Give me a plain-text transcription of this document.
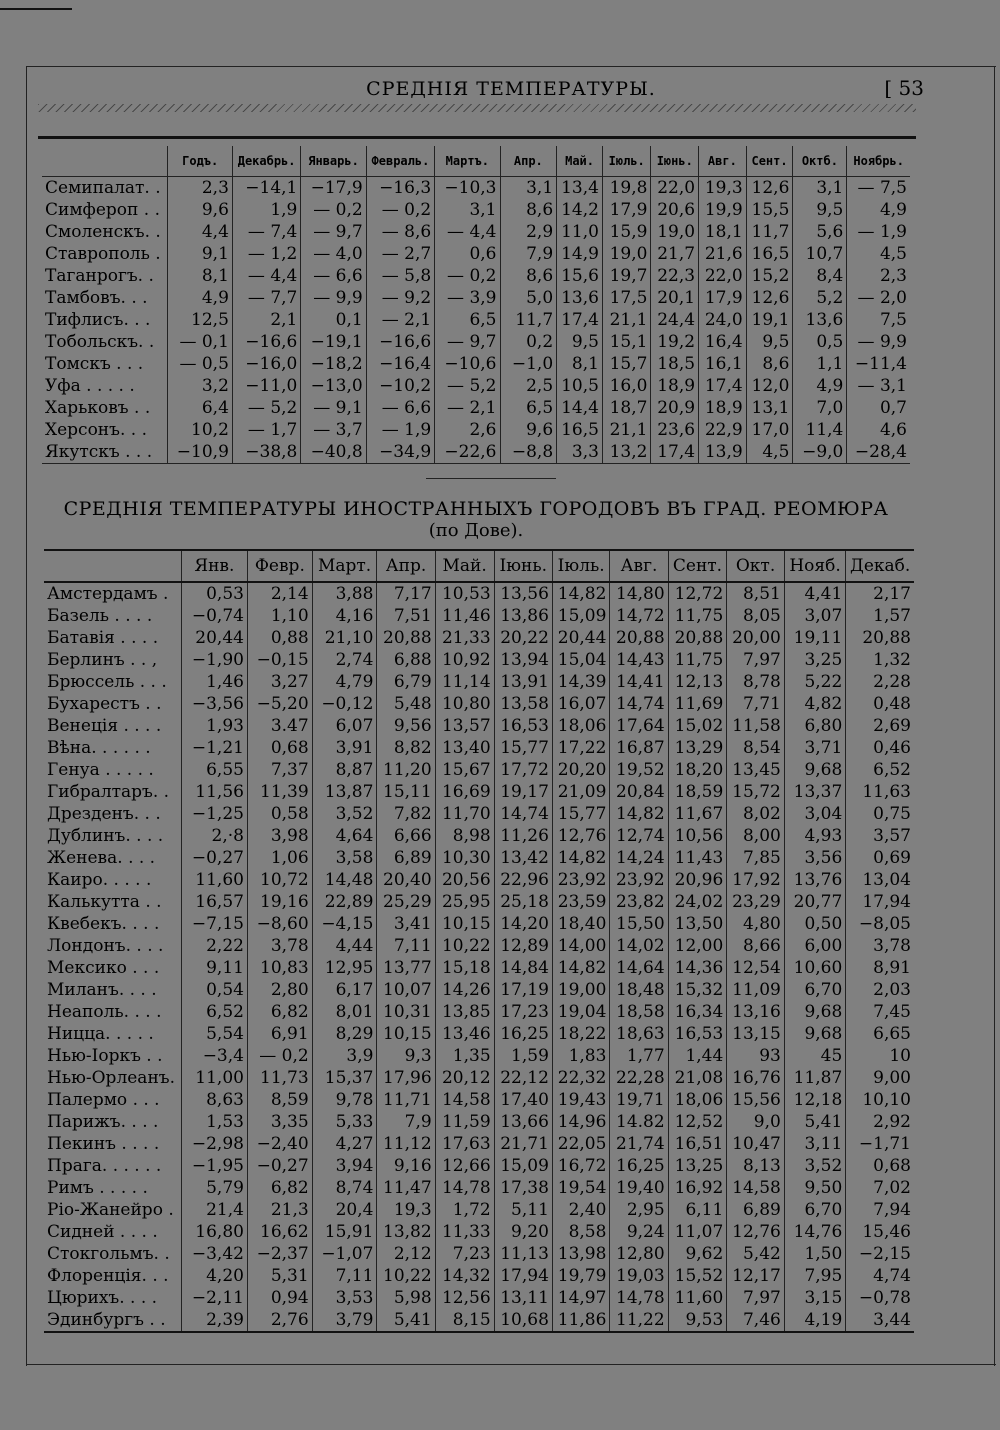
СРЕДНІЯ ТЕМПЕРАТУРЫ.	[ 53
	Годъ.	Декабрь.	Январь.	Февраль.	Мартъ.	Апр.	Май.	Іюль.	Іюнь.	Авг.	Сент.	Октб.	Ноябрь.
Семипалат. .	2,3	−14,1	−17,9	−16,3	−10,3	3,1	13,4	19,8	22,0	19,3	12,6	3,1	— 7,5
Симфероп . .	9,6	1,9	— 0,2	— 0,2	3,1	8,6	14,2	17,9	20,6	19,9	15,5	9,5	4,9
Смоленскъ. .	4,4	— 7,4	— 9,7	— 8,6	— 4,4	2,9	11,0	15,9	19,0	18,1	11,7	5,6	— 1,9
Ставрополь .	9,1	— 1,2	— 4,0	— 2,7	0,6	7,9	14,9	19,0	21,7	21,6	16,5	10,7	4,5
Таганрогъ. .	8,1	— 4,4	— 6,6	— 5,8	— 0,2	8,6	15,6	19,7	22,3	22,0	15,2	8,4	2,3
Тамбовъ. . .	4,9	— 7,7	— 9,9	— 9,2	— 3,9	5,0	13,6	17,5	20,1	17,9	12,6	5,2	— 2,0
Тифлисъ. . .	12,5	2,1	0,1	— 2,1	6,5	11,7	17,4	21,1	24,4	24,0	19,1	13,6	7,5
Тобольскъ. .	— 0,1	−16,6	−19,1	−16,6	— 9,7	0,2	9,5	15,1	19,2	16,4	9,5	0,5	— 9,9
Томскъ . . .	— 0,5	−16,0	−18,2	−16,4	−10,6	−1,0	8,1	15,7	18,5	16,1	8,6	1,1	−11,4
Уфа . . . . .	3,2	−11,0	−13,0	−10,2	— 5,2	2,5	10,5	16,0	18,9	17,4	12,0	4,9	— 3,1
Харьковъ . .	6,4	— 5,2	— 9,1	— 6,6	— 2,1	6,5	14,4	18,7	20,9	18,9	13,1	7,0	0,7
Херсонъ. . .	10,2	— 1,7	— 3,7	— 1,9	2,6	9,6	16,5	21,1	23,6	22,9	17,0	11,4	4,6
Якутскъ . . .	−10,9	−38,8	−40,8	−34,9	−22,6	−8,8	3,3	13,2	17,4	13,9	4,5	−9,0	−28,4
СРЕДНІЯ ТЕМПЕРАТУРЫ ИНОСТРАННЫХЪ ГОРОДОВЪ ВЪ ГРАД. РЕОМЮРА
(по Дове).
	Янв.	Февр.	Март.	Апр.	Май.	Іюнь.	Іюль.	Авг.	Сент.	Окт.	Нояб.	Декаб.
Амстердамъ .	0,53	2,14	3,88	7,17	10,53	13,56	14,82	14,80	12,72	8,51	4,41	2,17
Базель . . . .	−0,74	1,10	4,16	7,51	11,46	13,86	15,09	14,72	11,75	8,05	3,07	1,57
Батавія . . . .	20,44	0,88	21,10	20,88	21,33	20,22	20,44	20,88	20,88	20,00	19,11	20,88
Берлинъ . . ,	−1,90	−0,15	2,74	6,88	10,92	13,94	15,04	14,43	11,75	7,97	3,25	1,32
Брюссель . . .	1,46	3,27	4,79	6,79	11,14	13,91	14,39	14,41	12,13	8,78	5,22	2,28
Бухарестъ . .	−3,56	−5,20	−0,12	5,48	10,80	13,58	16,07	14,74	11,69	7,71	4,82	0,48
Венеція . . . .	1,93	3.47	6,07	9,56	13,57	16,53	18,06	17,64	15,02	11,58	6,80	2,69
Вѣна. . . . . .	−1,21	0,68	3,91	8,82	13,40	15,77	17,22	16,87	13,29	8,54	3,71	0,46
Генуа . . . . .	6,55	7,37	8,87	11,20	15,67	17,72	20,20	19,52	18,20	13,45	9,68	6,52
Гибралтаръ. .	11,56	11,39	13,87	15,11	16,69	19,17	21,09	20,84	18,59	15,72	13,37	11,63
Дрезденъ. . .	−1,25	0,58	3,52	7,82	11,70	14,74	15,77	14,82	11,67	8,02	3,04	0,75
Дублинъ. . . .	2,·8	3,98	4,64	6,66	8,98	11,26	12,76	12,74	10,56	8,00	4,93	3,57
Женева. . . .	−0,27	1,06	3,58	6,89	10,30	13,42	14,82	14,24	11,43	7,85	3,56	0,69
Каиро. . . . .	11,60	10,72	14,48	20,40	20,56	22,96	23,92	23,92	20,96	17,92	13,76	13,04
Калькутта . .	16,57	19,16	22,89	25,29	25,95	25,18	23,59	23,82	24,02	23,29	20,77	17,94
Квебекъ. . . .	−7,15	−8,60	−4,15	3,41	10,15	14,20	18,40	15,50	13,50	4,80	0,50	−8,05
Лондонъ. . . .	2,22	3,78	4,44	7,11	10,22	12,89	14,00	14,02	12,00	8,66	6,00	3,78
Мексико . . .	9,11	10,83	12,95	13,77	15,18	14,84	14,82	14,64	14,36	12,54	10,60	8,91
Миланъ. . . .	0,54	2,80	6,17	10,07	14,26	17,19	19,00	18,48	15,32	11,09	6,70	2,03
Неаполь. . . .	6,52	6,82	8,01	10,31	13,85	17,23	19,04	18,58	16,34	13,16	9,68	7,45
Ницца. . . . .	5,54	6,91	8,29	10,15	13,46	16,25	18,22	18,63	16,53	13,15	9,68	6,65
Нью-Іоркъ . .	−3,4	— 0,2	3,9	9,3	1,35	1,59	1,83	1,77	1,44	93	45	10
Нью-Орлеанъ.	11,00	11,73	15,37	17,96	20,12	22,12	22,32	22,28	21,08	16,76	11,87	9,00
Палермо . . .	8,63	8,59	9,78	11,71	14,58	17,40	19,43	19,71	18,06	15,56	12,18	10,10
Парижъ. . . .	1,53	3,35	5,33	7,9	11,59	13,66	14,96	14.82	12,52	9,0	5,41	2,92
Пекинъ . . . .	−2,98	−2,40	4,27	11,12	17,63	21,71	22,05	21,74	16,51	10,47	3,11	−1,71
Прага. . . . . .	−1,95	−0,27	3,94	9,16	12,66	15,09	16,72	16,25	13,25	8,13	3,52	0,68
Римъ . . . . .	5,79	6,82	8,74	11,47	14,78	17,38	19,54	19,40	16,92	14,58	9,50	7,02
Ріо-Жанейро .	21,4	21,3	20,4	19,3	1,72	5,11	2,40	2,95	6,11	6,89	6,70	7,94
Сидней . . . .	16,80	16,62	15,91	13,82	11,33	9,20	8,58	9,24	11,07	12,76	14,76	15,46
Стокгольмъ. .	−3,42	−2,37	−1,07	2,12	7,23	11,13	13,98	12,80	9,62	5,42	1,50	−2,15
Флоренція. . .	4,20	5,31	7,11	10,22	14,32	17,94	19,79	19,03	15,52	12,17	7,95	4,74
Цюрихъ. . . .	−2,11	0,94	3,53	5,98	12,56	13,11	14,97	14,78	11,60	7,97	3,15	−0,78
Эдинбургъ . .	2,39	2,76	3,79	5,41	8,15	10,68	11,86	11,22	9,53	7,46	4,19	3,44
